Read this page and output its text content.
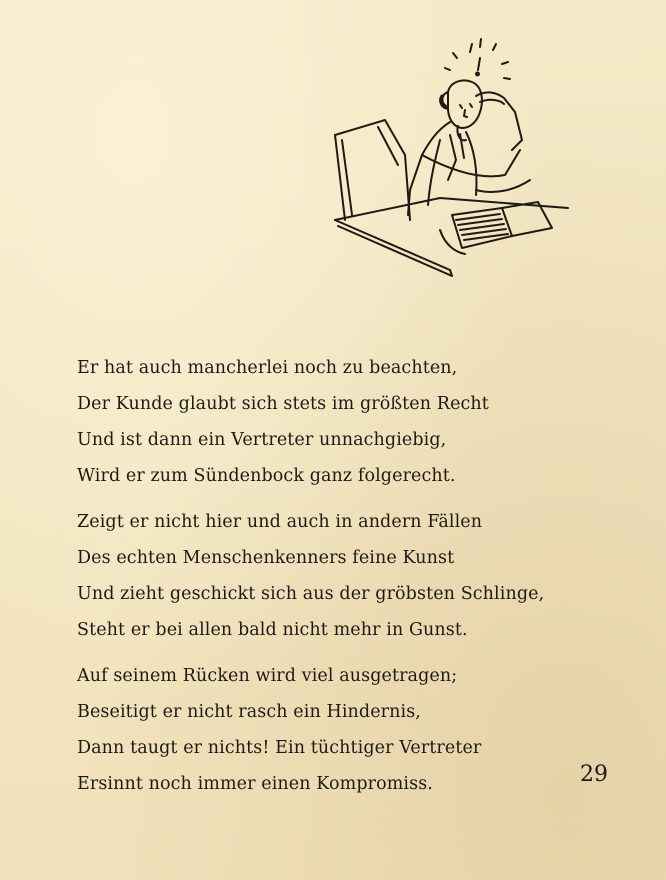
Er hat auch mancherlei noch zu beachten,
Der Kunde glaubt sich stets im größten Recht
Und ist dann ein Vertreter unnachgiebig,
Wird er zum Sündenbock ganz folgerecht.
Zeigt er nicht hier und auch in andern Fällen
Des echten Menschenkenners feine Kunst
Und zieht geschickt sich aus der gröbsten Schlinge,
Steht er bei allen bald nicht mehr in Gunst.
Auf seinem Rücken wird viel ausgetragen;
Beseitigt er nicht rasch ein Hindernis,
Dann taugt er nichts! Ein tüchtiger Vertreter
Ersinnt noch immer einen Kompromiss.	29
